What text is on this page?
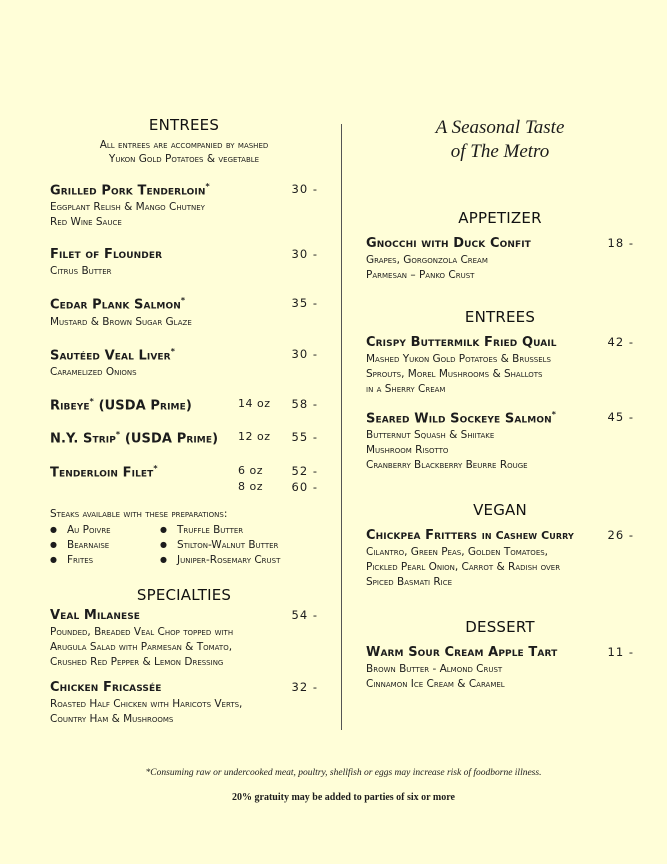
ENTREES
All entrees are accompanied by mashed
Yukon Gold Potatoes & vegetable
Grilled Pork Tenderloin*	30 -
Eggplant Relish & Mango Chutney
Red Wine Sauce
Filet of Flounder	30 -
Citrus Butter
Cedar Plank Salmon*	35 -
Mustard & Brown Sugar Glaze
Sautéed Veal Liver*	30 -
Caramelized Onions
Ribeye* (USDA Prime)	14 oz 58 -
N.Y. Strip* (USDA Prime)	12 oz 55 -
Tenderloin Filet*	6 oz 52 -
8 oz 60 -
Steaks available with these preparations:
● Au Poivre	● Truffle Butter
● Bearnaise	● Stilton-Walnut Butter
● Frites	● Juniper-Rosemary Crust
SPECIALTIES
Veal Milanese	54 -
Pounded, Breaded Veal Chop topped with
Arugula Salad with Parmesan & Tomato,
Crushed Red Pepper & Lemon Dressing
Chicken Fricassée	32 -
Roasted Half Chicken with Haricots Verts,
Country Ham & Mushrooms
A Seasonal Taste
of The Metro
APPETIZER
Gnocchi with Duck Confit	18 -
Grapes, Gorgonzola Cream
Parmesan – Panko Crust
ENTREES
Crispy Buttermilk Fried Quail	42 -
Mashed Yukon Gold Potatoes & Brussels
Sprouts, Morel Mushrooms & Shallots
in a Sherry Cream
Seared Wild Sockeye Salmon*	45 -
Butternut Squash & Shiitake
Mushroom Risotto
Cranberry Blackberry Beurre Rouge
VEGAN
Chickpea Fritters in Cashew Curry	26 -
Cilantro, Green Peas, Golden Tomatoes,
Pickled Pearl Onion, Carrot & Radish over
Spiced Basmati Rice
DESSERT
Warm Sour Cream Apple Tart	11 -
Brown Butter - Almond Crust
Cinnamon Ice Cream & Caramel
*Consuming raw or undercooked meat, poultry, shellfish or eggs may increase risk of foodborne illness.
20% gratuity may be added to parties of six or more
